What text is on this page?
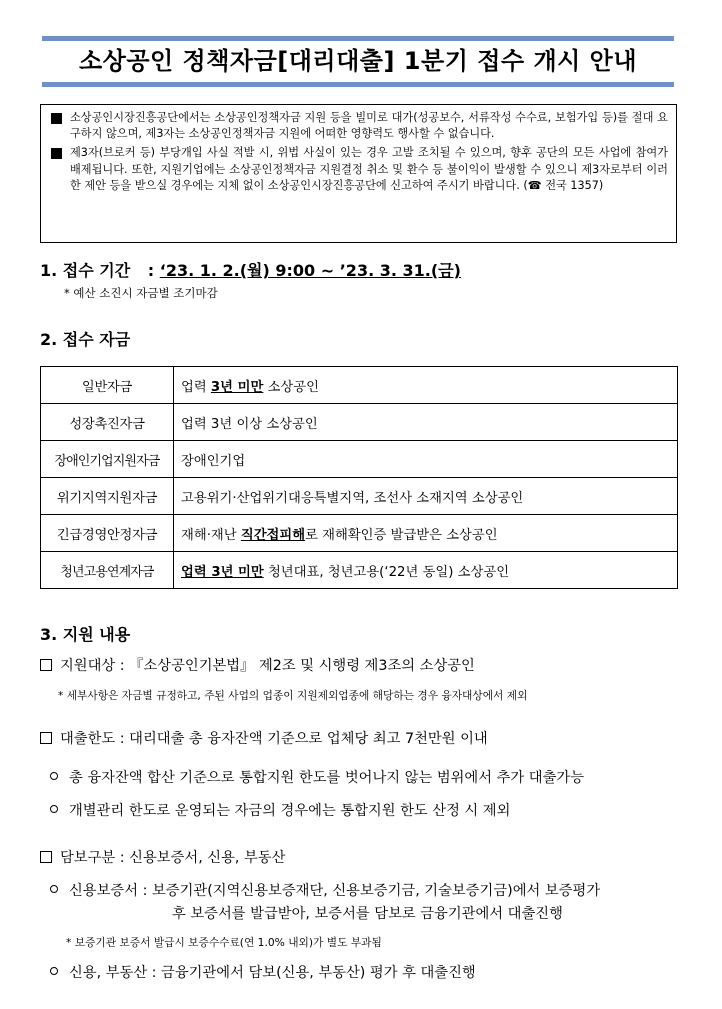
소상공인 정책자금[대리대출] 1분기 접수 개시 안내
소상공인시장진흥공단에서는 소상공인정책자금 지원 등을 빌미로 대가(성공보수, 서류작성 수수료, 보험가입 등)를 절대 요구하지 않으며, 제3자는 소상공인정책자금 지원에 어떠한 영향력도 행사할 수 없습니다.
제3자(브로커 등) 부당개입 사실 적발 시, 위법 사실이 있는 경우 고발 조치될 수 있으며, 향후 공단의 모든 사업에 참여가 배제됩니다. 또한, 지원기업에는 소상공인정책자금 지원결정 취소 및 환수 등 불이익이 발생할 수 있으니 제3자로부터 이러한 제안 등을 받으실 경우에는 지체 없이 소상공인시장진흥공단에 신고하여 주시기 바랍니다. (☎ 전국 1357)
1. 접수 기간 : ‘23. 1. 2.(월) 9:00 ~ ’23. 3. 31.(금)
* 예산 소진시 자금별 조기마감
2. 접수 자금
일반자금	업력 3년 미만 소상공인
성장촉진자금	업력 3년 이상 소상공인
장애인기업지원자금	장애인기업
위기지역지원자금	고용위기·산업위기대응특별지역, 조선사 소재지역 소상공인
긴급경영안정자금	재해·재난 직간접피해로 재해확인증 발급받은 소상공인
청년고용연계자금	업력 3년 미만 청년대표, 청년고용(‘22년 동일) 소상공인
3. 지원 내용
지원대상 : 『소상공인기본법』 제2조 및 시행령 제3조의 소상공인
* 세부사항은 자금별 규정하고, 주된 사업의 업종이 지원제외업종에 해당하는 경우 융자대상에서 제외
대출한도 : 대리대출 총 융자잔액 기준으로 업체당 최고 7천만원 이내
총 융자잔액 합산 기준으로 통합지원 한도를 벗어나지 않는 범위에서 추가 대출가능
개별관리 한도로 운영되는 자금의 경우에는 통합지원 한도 산정 시 제외
담보구분 : 신용보증서, 신용, 부동산
신용보증서 : 보증기관(지역신용보증재단, 신용보증기금, 기술보증기금)에서 보증평가
후 보증서를 발급받아, 보증서를 담보로 금융기관에서 대출진행
* 보증기관 보증서 발급시 보증수수료(연 1.0% 내외)가 별도 부과됨
신용, 부동산 : 금융기관에서 담보(신용, 부동산) 평가 후 대출진행
